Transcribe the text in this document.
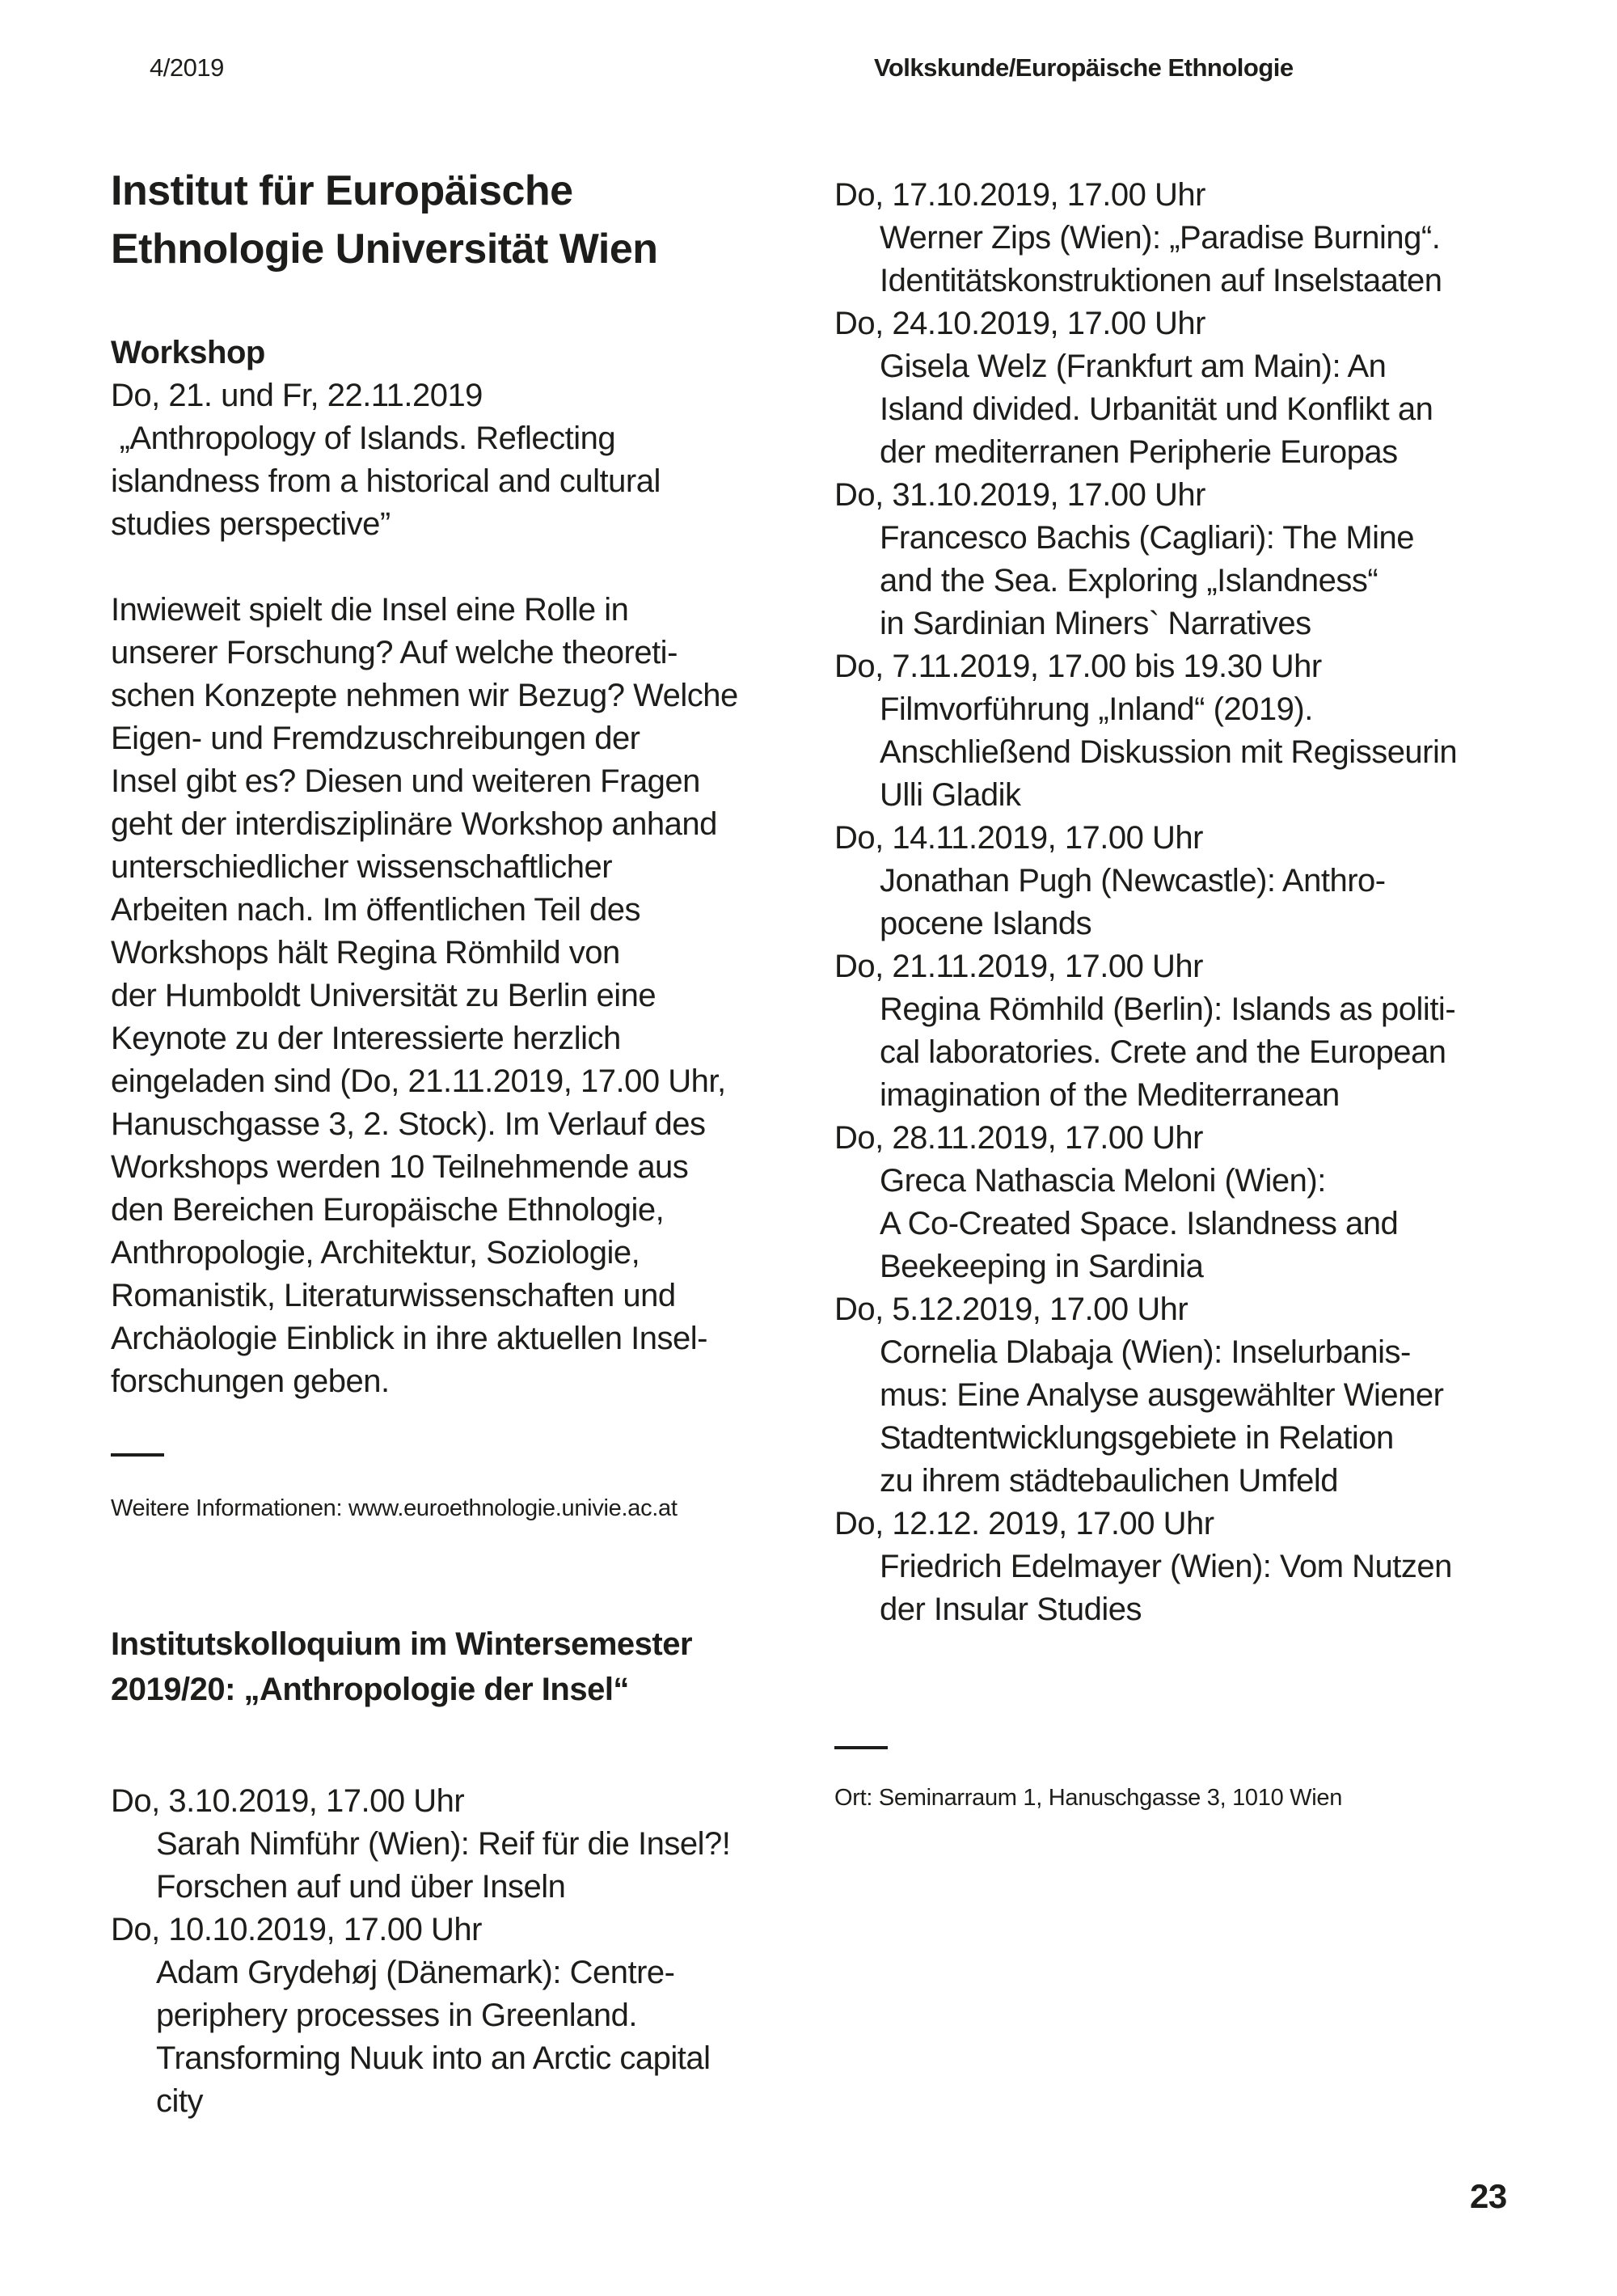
4/2019	Volkskunde/Europäische Ethnologie
Institut für Europäische
Ethnologie Universität Wien
Workshop
Do, 21. und Fr, 22.11.2019
„Anthropology of Islands. Reflecting
islandness from a historical and cultural
studies perspective”
Inwieweit spielt die Insel eine Rolle in
unserer Forschung? Auf welche theoreti-
schen Konzepte nehmen wir Bezug? Welche
Eigen- und Fremdzuschreibungen der
Insel gibt es? Diesen und weiteren Fragen
geht der interdisziplinäre Workshop anhand
unterschiedlicher wissenschaftlicher
Arbeiten nach. Im öffentlichen Teil des
Workshops hält Regina Römhild von
der Humboldt Universität zu Berlin eine
Keynote zu der Interessierte herzlich
eingeladen sind (Do, 21.11.2019, 17.00 Uhr,
Hanuschgasse 3, 2. Stock). Im Verlauf des
Workshops werden 10 Teilnehmende aus
den Bereichen Europäische Ethnologie,
Anthropologie, Architektur, Soziologie,
Romanistik, Literaturwissenschaften und
Archäologie Einblick in ihre aktuellen Insel-
forschungen geben.
Weitere Informationen: www.euroethnologie.univie.ac.at
Institutskolloquium im Wintersemester
2019/20: „Anthropologie der Insel“
Do, 3.10.2019, 17.00 Uhr
Sarah Nimführ (Wien): Reif für die Insel?!
Forschen auf und über Inseln
Do, 10.10.2019, 17.00 Uhr
Adam Grydehøj (Dänemark): Centre-
periphery processes in Greenland.
Transforming Nuuk into an Arctic capital
city
Do, 17.10.2019, 17.00 Uhr
Werner Zips (Wien): „Paradise Burning“.
Identitätskonstruktionen auf Inselstaaten
Do, 24.10.2019, 17.00 Uhr
Gisela Welz (Frankfurt am Main): An
Island divided. Urbanität und Konflikt an
der mediterranen Peripherie Europas
Do, 31.10.2019, 17.00 Uhr
Francesco Bachis (Cagliari): The Mine
and the Sea. Exploring „Islandness“
in Sardinian Miners` Narratives
Do, 7.11.2019, 17.00 bis 19.30 Uhr
Filmvorführung „Inland“ (2019).
Anschließend Diskussion mit Regisseurin
Ulli Gladik
Do, 14.11.2019, 17.00 Uhr
Jonathan Pugh (Newcastle): Anthro-
pocene Islands
Do, 21.11.2019, 17.00 Uhr
Regina Römhild (Berlin): Islands as politi-
cal laboratories. Crete and the European
imagination of the Mediterranean
Do, 28.11.2019, 17.00 Uhr
Greca Nathascia Meloni (Wien):
A Co-Created Space. Islandness and
Beekeeping in Sardinia
Do, 5.12.2019, 17.00 Uhr
Cornelia Dlabaja (Wien): Inselurbanis-
mus: Eine Analyse ausgewählter Wiener
Stadtentwicklungsgebiete in Relation
zu ihrem städtebaulichen Umfeld
Do, 12.12. 2019, 17.00 Uhr
Friedrich Edelmayer (Wien): Vom Nutzen
der Insular Studies
Ort: Seminarraum 1, Hanuschgasse 3, 1010 Wien
23
